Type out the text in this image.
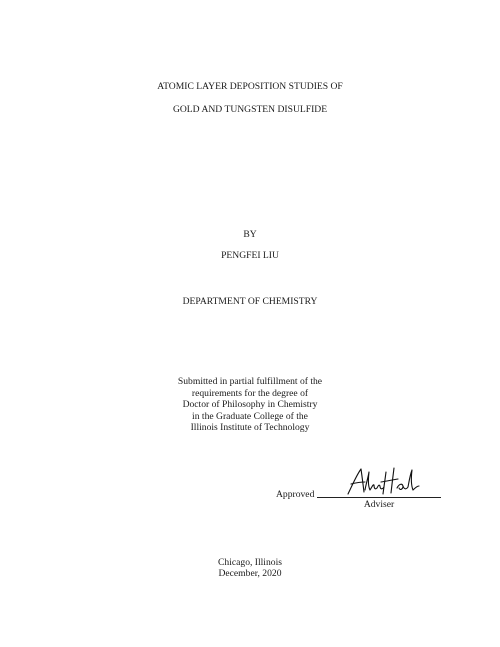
ATOMIC LAYER DEPOSITION STUDIES OF
GOLD AND TUNGSTEN DISULFIDE
BY
PENGFEI LIU
DEPARTMENT OF CHEMISTRY
Submitted in partial fulfillment of the
requirements for the degree of
Doctor of Philosophy in Chemistry
in the Graduate College of the
Illinois Institute of Technology
Approved
Adviser
Chicago, Illinois
December, 2020
